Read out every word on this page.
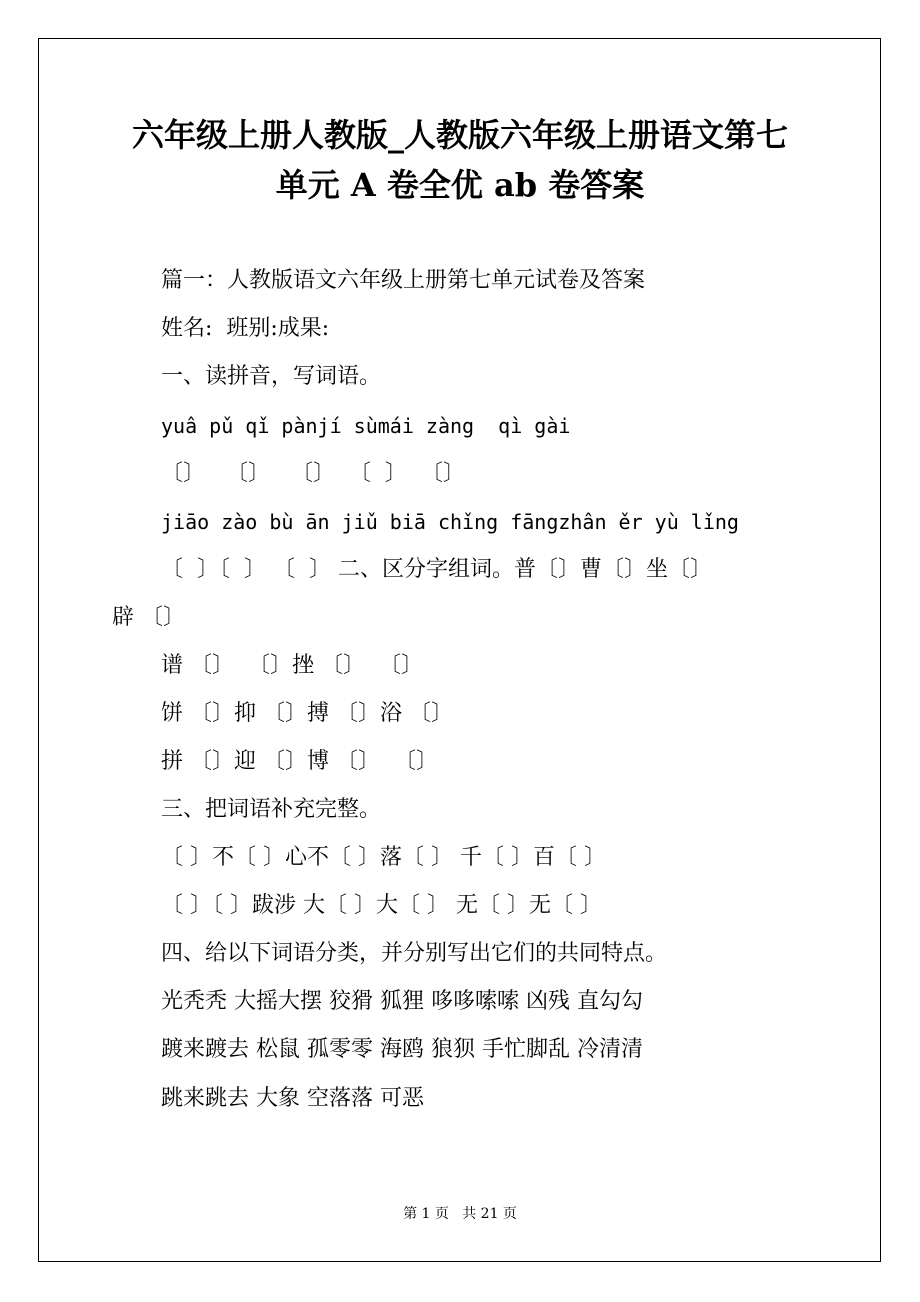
六年级上册人教版_人教版六年级上册语文第七
单元 A 卷全优 ab 卷答案
篇一：人教版语文六年级上册第七单元试卷及答案
姓名:  班别:成果:
一、读拼音，写词语。
yuâ pǔ qǐ pànjí sùmái zàng  qì gài
〔〕   〔〕   〔〕  〔  〕  〔〕
jiāo zào bù ān jiǔ biā chǐng fāngzhân ěr yù lǐng
〔  〕〔  〕 〔  〕 二、区分字组词。普〔〕曹〔〕坐〔〕
辟 〔〕
谱 〔〕  〔〕挫 〔〕  〔〕
饼 〔〕抑 〔〕搏 〔〕浴 〔〕
拼 〔〕迎 〔〕博 〔〕  〔〕
三、把词语补充完整。
〔 〕不〔 〕心不〔 〕落〔 〕 千〔 〕百〔 〕
〔 〕〔 〕跋涉 大〔 〕大〔 〕 无〔 〕无〔 〕
四、给以下词语分类，并分别写出它们的共同特点。
光秃秃 大摇大摆 狡猾 狐狸 哆哆嗦嗦 凶残 直勾勾
踱来踱去 松鼠 孤零零 海鸥 狼狈 手忙脚乱 冷清清
跳来跳去 大象 空落落 可恶
第 1 页   共 21 页
